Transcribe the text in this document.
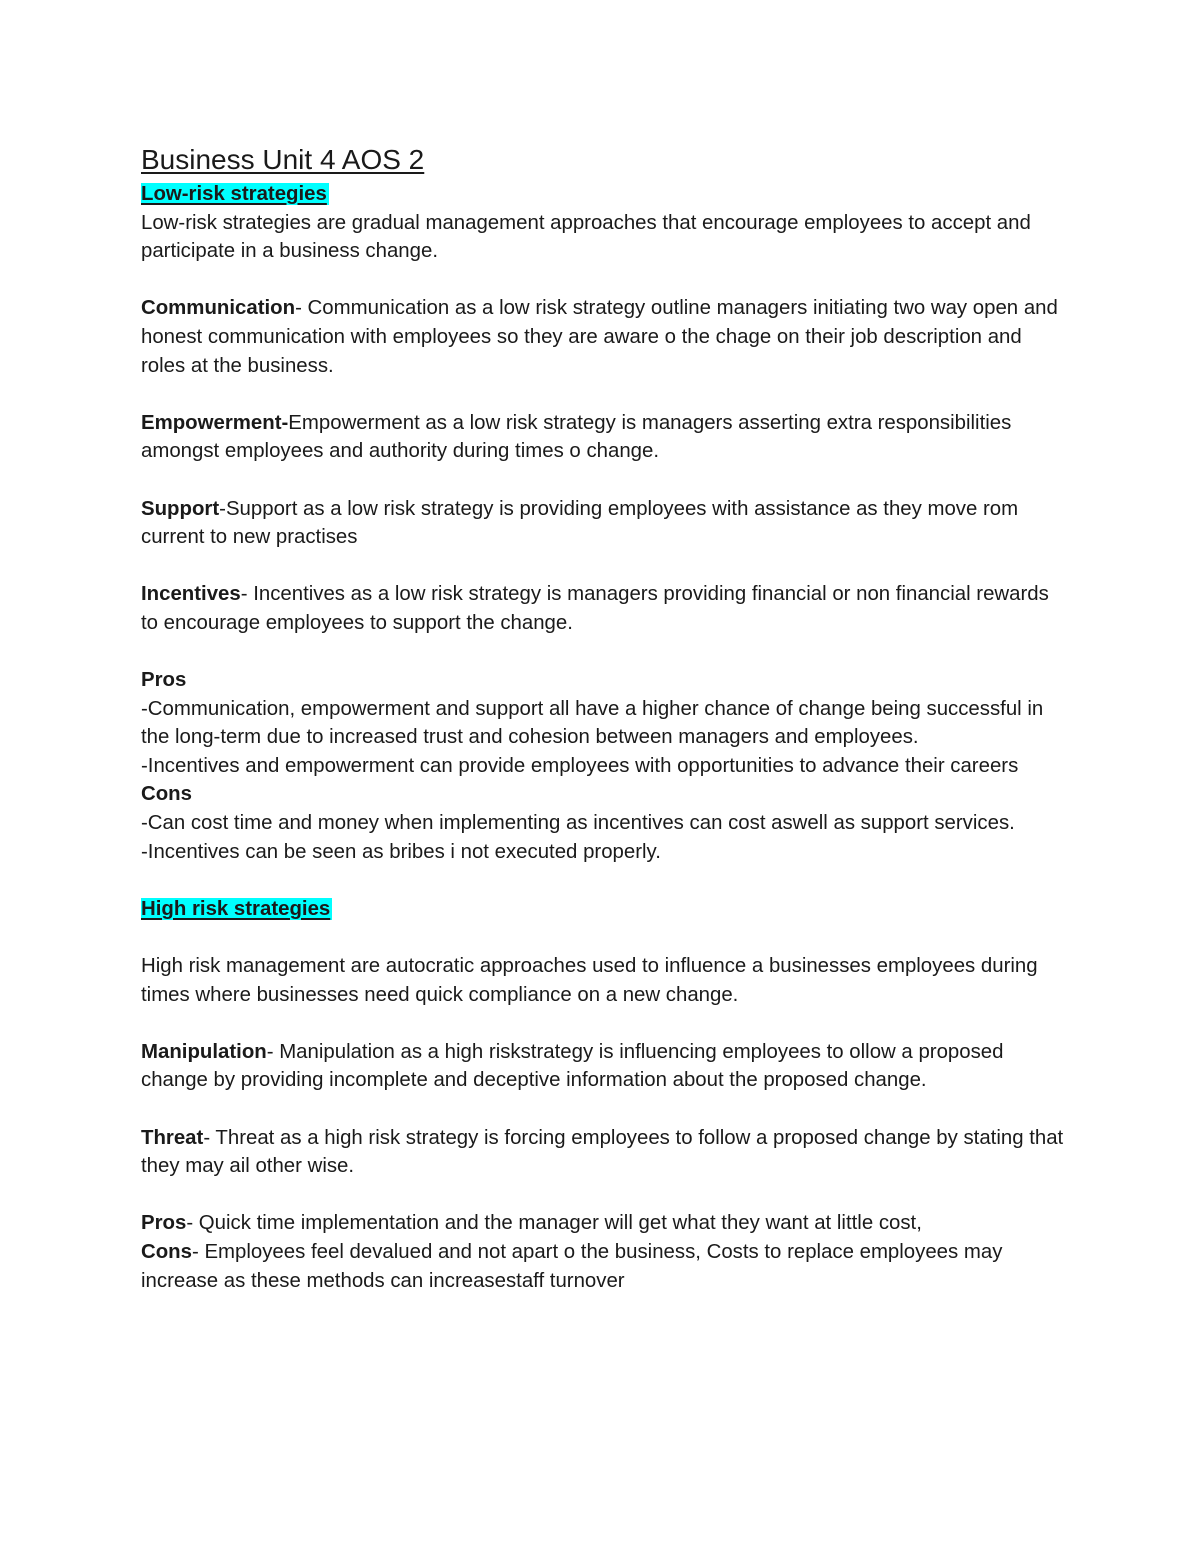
Business Unit 4 AOS 2

Low-risk strategies

Low-risk strategies are gradual management approaches that encourage employees to accept and participate in a business change.

Communication- Communication as a low risk strategy outline managers initiating two way open and honest communication with employees so they are aware o the chage on their job description and roles at the business.

Empowerment-Empowerment as a low risk strategy is managers asserting extra responsibilities amongst employees and authority during times o change.

Support-Support as a low risk strategy is providing employees with assistance as they move rom current to new practises

Incentives- Incentives as a low risk strategy is managers providing financial or non financial rewards to encourage employees to support the change.

Pros

-Communication, empowerment and support all have a higher chance of change being successful in the long-term due to increased trust and cohesion between managers and employees.

-Incentives and empowerment can provide employees with opportunities to advance their careers

Cons

-Can cost time and money when implementing as incentives can cost aswell as support services.

-Incentives can be seen as bribes i not executed properly.

High risk strategies

High risk management are autocratic approaches used to influence a businesses employees during times where businesses need quick compliance on a new change.

Manipulation- Manipulation as a high riskstrategy is influencing employees to ollow a proposed change by providing incomplete and deceptive information about the proposed change.

Threat- Threat as a high risk strategy is forcing employees to follow a proposed change by stating that they may ail other wise.

Pros- Quick time implementation and the manager will get what they want at little cost,

Cons- Employees feel devalued and not apart o the business, Costs to replace employees may increase as these methods can increasestaff turnover
